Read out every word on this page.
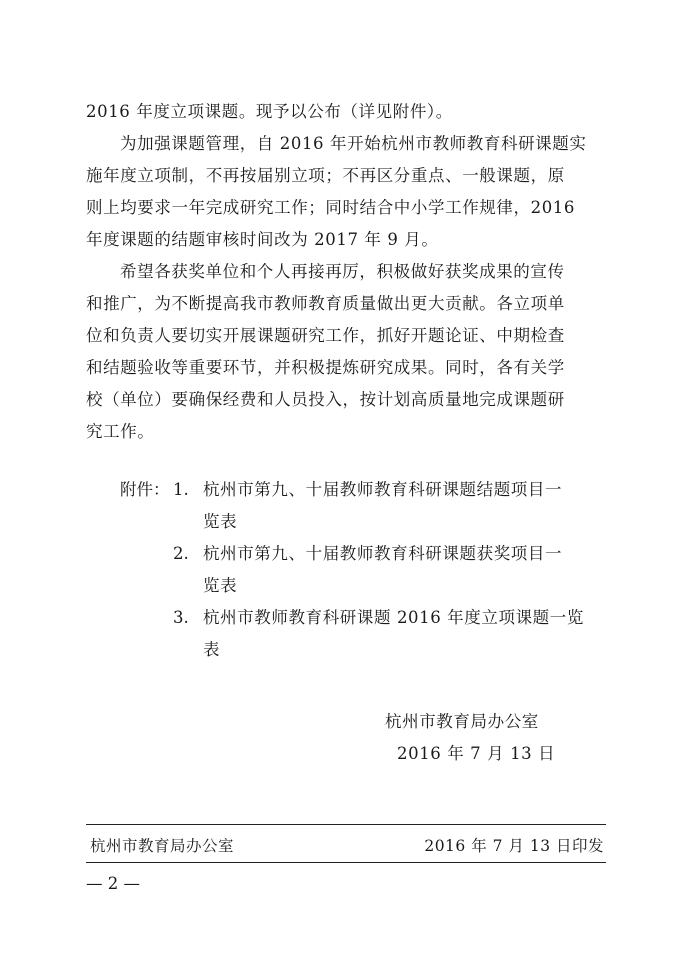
2016 年度立项课题。现予以公布（详见附件）。
为加强课题管理，自 2016 年开始杭州市教师教育科研课题实
施年度立项制，不再按届别立项；不再区分重点、一般课题，原
则上均要求一年完成研究工作；同时结合中小学工作规律，2016
年度课题的结题审核时间改为 2017 年 9 月。
希望各获奖单位和个人再接再厉，积极做好获奖成果的宣传
和推广，为不断提高我市教师教育质量做出更大贡献。各立项单
位和负责人要切实开展课题研究工作，抓好开题论证、中期检查
和结题验收等重要环节，并积极提炼研究成果。同时，各有关学
校（单位）要确保经费和人员投入，按计划高质量地完成课题研
究工作。
附件： 1. 杭州市第九、十届教师教育科研课题结题项目一
览表
2. 杭州市第九、十届教师教育科研课题获奖项目一
览表
3. 杭州市教师教育科研课题 2016 年度立项课题一览
表
杭州市教育局办公室
2016 年 7 月 13 日
杭州市教育局办公室	2016 年 7 月 13 日印发
— 2 —
